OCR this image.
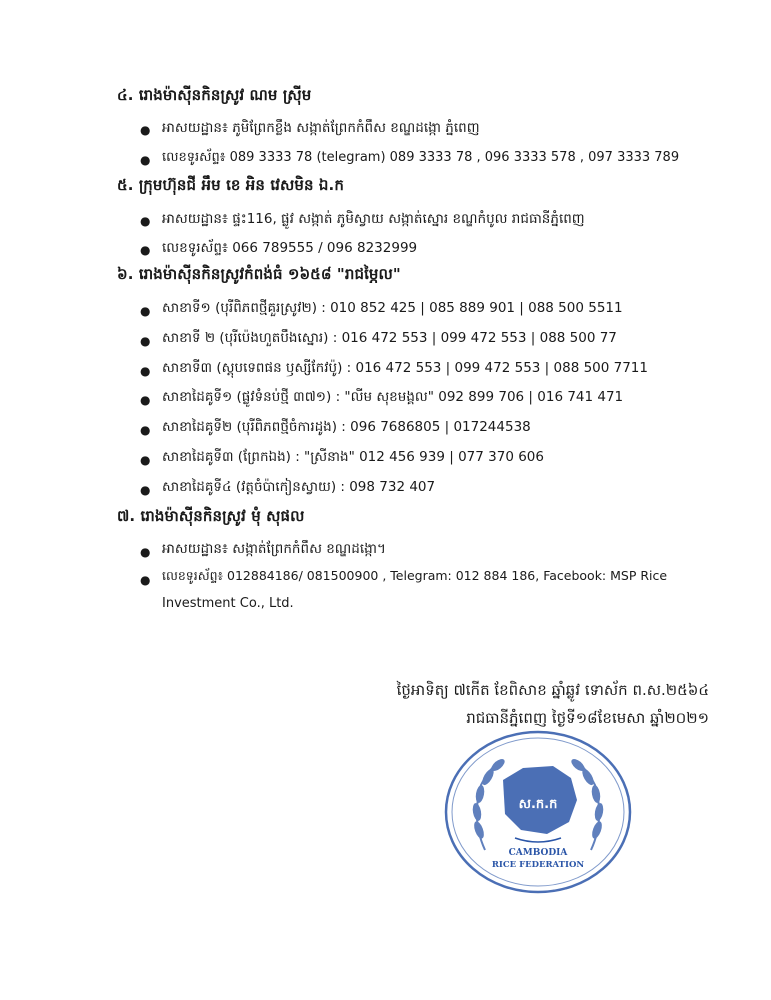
៤. រោងម៉ាស៊ីនកិនស្រូវ ណម ស្រ៊ីម
● អាសយដ្ឋាន៖ ភូមិព្រែកខ្លឹង សង្កាត់ព្រែកកំពឹស ខណ្ឌដង្កោ ភ្នំពេញ
● លេខទូរស័ព្ទ៖ 089 3333 78 (telegram) 089 3333 78 , 096 3333 578 , 097 3333 789
៥. ក្រុមហ៊ុនជី អឹម ខេ អិន វេសមិន ឯ.ក
● អាសយដ្ឋាន៖ ផ្ទះ116, ផ្លូវ សង្កាត់ ភូមិស្វាយ សង្កាត់ស្នោរ ខណ្ឌកំបូល រាជធានីភ្នំពេញ
● លេខទូរស័ព្ទ៖ 066 789555 / 096 8232999
៦. រោងម៉ាស៊ីនកិនស្រូវកំពង់ធំ ១៦៥៨ "រាជម្ភៃល"
● សាខាទី១ (បុរីពិភពថ្មីគួរស្រូវ២) : 010 852 425 | 085 889 901 | 088 500 5511
● សាខាទី ២ (បុរីប៉េងហួតបឹងស្នោរ) : 016 472 553 | 099 472 553 | 088 500 77
● សាខាទី៣ (ស្តុបទេពផន ឫស្សីកែវប៉ូ) : 016 472 553 | 099 472 553 | 088 500 7711
● សាខាដៃគូទី១ (ផ្លូវទំនប់ថ្មី ៣៧១) : "លីម សុខមង្គល" 092 899 706 | 016 741 471
● សាខាដៃគូទី២ (បុរីពិភពថ្មីចំការដូង) : 096 7686805 | 017244538
● សាខាដៃគូទី៣ (ព្រែកឯង) : "ស្រីនាង" 012 456 939 | 077 370 606
● សាខាដៃគូទី៤ (វត្តចំប៉ាកៀនស្វាយ) : 098 732 407
៧. រោងម៉ាស៊ីនកិនស្រូវ មុំ សុផល
● អាសយដ្ឋាន៖ សង្កាត់ព្រែកកំពឹស ខណ្ឌដង្កោ។
● លេខទូរស័ព្ទ៖ 012884186/ 081500900 , Telegram: 012 884 186, Facebook: MSP Rice
Investment Co., Ltd.
ថ្ងៃអាទិត្យ ៧កើត ខែពិសាខ ឆ្នាំឆ្លូវ ទោស័ក ព.ស.២៥៦៤
រាជធានីភ្នំពេញ ថ្ងៃទី១៨ខែមេសា ឆ្នាំ២០២១
ស.ក.ក
CAMBODIA
RICE FEDERATION
